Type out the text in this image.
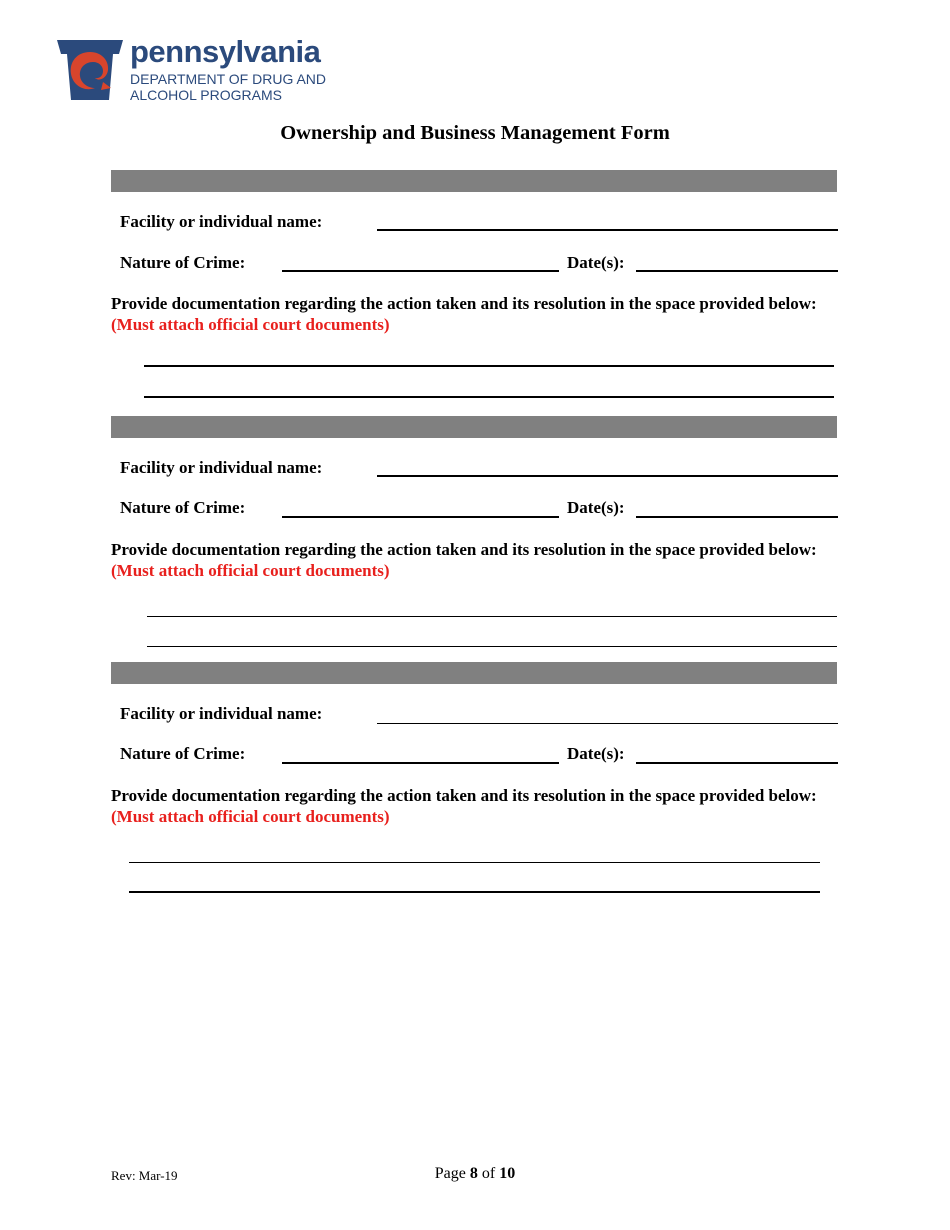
pennsylvania
DEPARTMENT OF DRUG AND
ALCOHOL PROGRAMS
Ownership and Business Management Form
Facility or individual name:
Nature of Crime:	Date(s):
Provide documentation regarding the action taken and its resolution in the space provided below:  (Must attach official court documents)
Facility or individual name:
Nature of Crime:	Date(s):
Provide documentation regarding the action taken and its resolution in the space provided below:  (Must attach official court documents)
Facility or individual name:
Nature of Crime:	Date(s):
Provide documentation regarding the action taken and its resolution in the space provided below:  (Must attach official court documents)
Rev: Mar-19	Page 8 of 10
